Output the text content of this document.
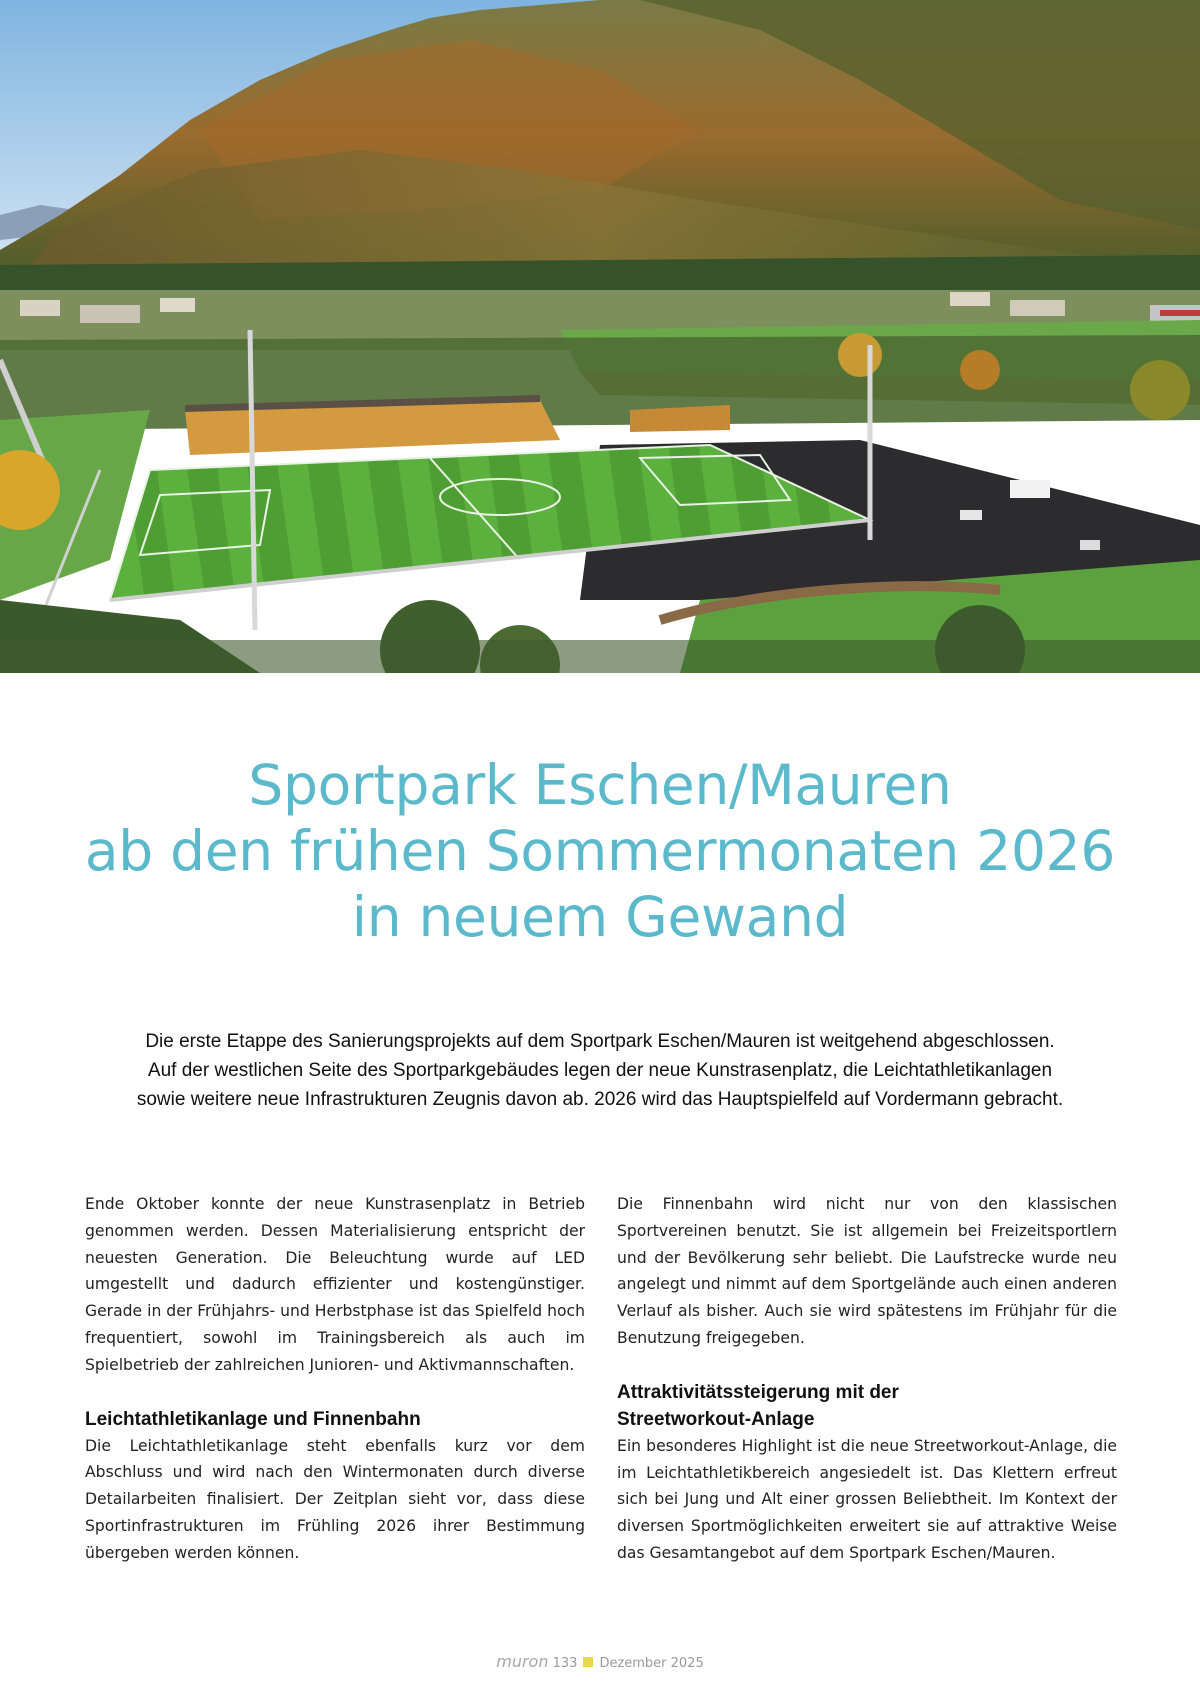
Sportpark Eschen/Mauren
ab den frühen Sommermonaten 2026
in neuem Gewand
Die erste Etappe des Sanierungsprojekts auf dem Sportpark Eschen/Mauren ist weitgehend abgeschlossen.
Auf der westlichen Seite des Sportparkgebäudes legen der neue Kunstrasenplatz, die Leichtathletikanlagen
sowie weitere neue Infrastrukturen Zeugnis davon ab. 2026 wird das Hauptspielfeld auf Vordermann gebracht.

Ende Oktober konnte der neue Kunstrasenplatz in Betrieb genommen werden. Dessen Materialisierung entspricht der neuesten Generation. Die Beleuchtung wurde auf LED umgestellt und dadurch effizienter und kostengünstiger. Gerade in der Frühjahrs- und Herbstphase ist das Spielfeld hoch frequentiert, sowohl im Trainingsbereich als auch im Spielbetrieb der zahlreichen Junioren- und Aktivmannschaften.

Leichtathletikanlage und Finnenbahn

Die Leichtathletikanlage steht ebenfalls kurz vor dem Abschluss und wird nach den Wintermonaten durch diverse Detailarbeiten finalisiert. Der Zeitplan sieht vor, dass diese Sportinfrastrukturen im Frühling 2026 ihrer Bestimmung übergeben werden können.

Die Finnenbahn wird nicht nur von den klassischen Sportvereinen benutzt. Sie ist allgemein bei Freizeitsportlern und der Bevölkerung sehr beliebt. Die Laufstrecke wurde neu angelegt und nimmt auf dem Sportgelände auch einen anderen Verlauf als bisher. Auch sie wird spätestens im Frühjahr für die Benutzung freigegeben.

Attraktivitätssteigerung mit der
Streetworkout-Anlage

Ein besonderes Highlight ist die neue Streetworkout-Anlage, die im Leichtathletikbereich angesiedelt ist. Das Klettern erfreut sich bei Jung und Alt einer grossen Beliebtheit. Im Kontext der diversen Sportmöglichkeiten erweitert sie auf attraktive Weise das Gesamtangebot auf dem Sportpark Eschen/Mauren.

muron 133 Dezember 2025
